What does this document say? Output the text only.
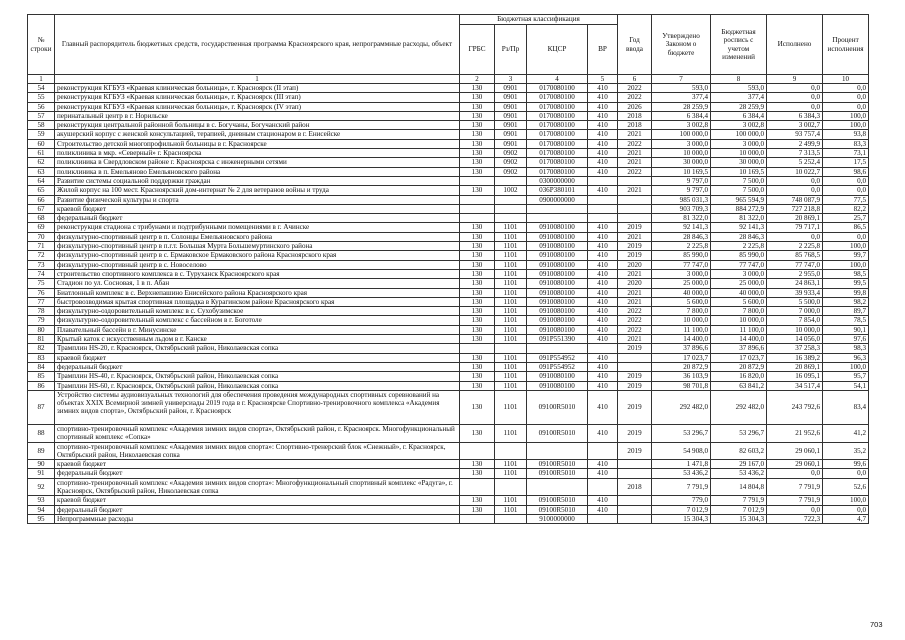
№ строки	Главный распорядитель бюджетных средств, государственная программа Красноярского края, непрограммные расходы, объект	Бюджетная классификация				Год ввода	Утверждено Законом о бюджете	Бюджетная роспись с учетом изменений	Исполнено	Процент исполнения
		ГРБС	Рз/Пр	КЦСР	ВР					
1	1	2	3	4	5	6	7	8	9	10
54	реконструкция КГБУЗ «Краевая клиническая больница», г. Красноярск (II этап)	130	0901	0170080100	410	2022	593,0	593,0	0,0	0,0
55	реконструкция КГБУЗ «Краевая клиническая больница», г. Красноярск (III этап)	130	0901	0170080100	410	2022	377,4	377,4	0,0	0,0
56	реконструкция КГБУЗ «Краевая клиническая больница», г. Красноярск (IV этап)	130	0901	0170080100	410	2026	28 259,9	28 259,9	0,0	0,0
57	перинатальный центр в г. Норильске	130	0901	0170080100	410	2018	6 384,4	6 384,4	6 384,3	100,0
58	реконструкция центральной районной больницы в с. Богучаны, Богучанский район	130	0901	0170080100	410	2018	3 002,8	3 002,8	3 002,7	100,0
59	акушерский корпус с женской консультацией, терапией, дневным стационаром в г. Енисейске	130	0901	0170080100	410	2021	100 000,0	100 000,0	93 757,4	93,8
60	Строительство детской многопрофильной больницы в г. Красноярске	130	0901	0170080100	410	2022	3 000,0	3 000,0	2 499,9	83,3
61	поликлиника в мкр. «Северный» г. Красноярска	130	0902	0170080100	410	2021	10 000,0	10 000,0	7 313,5	73,1
62	поликлиника в Свердловском районе г. Красноярска с инженерными сетями	130	0902	0170080100	410	2021	30 000,0	30 000,0	5 252,4	17,5
63	поликлиника в п. Емельяново Емельяновского района	130	0902	0170080100	410	2022	10 169,5	10 169,5	10 022,7	98,6
64	Развитие системы социальной поддержки граждан			0300000000			9 797,0	7 500,0	0,0	0,0
65	Жилой корпус на 100 мест. Красноярский дом-интернат № 2 для ветеранов войны и труда	130	1002	036P380101	410	2021	9 797,0	7 500,0	0,0	0,0
66	Развитие физической культуры и спорта			0900000000			985 031,3	965 594,9	748 087,9	77,5
67	краевой бюджет						903 709,3	884 272,9	727 218,8	82,2
68	федеральный бюджет						81 322,0	81 322,0	20 869,1	25,7
69	реконструкция стадиона с трибунами и подтрибунными помещениями в г. Ачинске	130	1101	0910080100	410	2019	92 141,3	92 141,3	79 717,1	86,5
70	физкультурно-спортивный центр в п. Солонцы Емельяновского района	130	1101	0910080100	410	2021	28 846,3	28 846,3	0,0	0,0
71	физкультурно-спортивный центр в п.г.т. Большая Мурта Большемуртинского района	130	1101	0910080100	410	2019	2 225,8	2 225,8	2 225,8	100,0
72	физкультурно-спортивный центр в с. Ермаковское Ермаковского района Красноярского края	130	1101	0910080100	410	2019	85 990,0	85 990,0	85 768,5	99,7
73	физкультурно-спортивный центр в с. Новоселово	130	1101	0910080100	410	2020	77 747,0	77 747,0	77 747,0	100,0
74	строительство спортивного комплекса в с. Туруханск Красноярского края	130	1101	0910080100	410	2021	3 000,0	3 000,0	2 955,0	98,5
75	Стадион по ул. Сосновая, 1 в п. Абан	130	1101	0910080100	410	2020	25 000,0	25 000,0	24 863,1	99,5
76	Биатлонный комплекс в с. Верхнепашино Енисейского района Красноярского края	130	1101	0910080100	410	2021	40 000,0	40 000,0	39 933,4	99,8
77	быстровозводимая крытая спортивная площадка в Курагинском районе Красноярского края	130	1101	0910080100	410	2021	5 600,0	5 600,0	5 500,0	98,2
78	физкультурно-оздоровительный комплекс в с. Сухобузимское	130	1101	0910080100	410	2022	7 800,0	7 800,0	7 000,0	89,7
79	физкультурно-оздоровительный комплекс с бассейном в г. Боготоле	130	1101	0910080100	410	2022	10 000,0	10 000,0	7 854,0	78,5
80	Плавательный бассейн в г. Минусинске	130	1101	0910080100	410	2022	11 100,0	11 100,0	10 000,0	90,1
81	Крытый каток с искусственным льдом в г. Канске	130	1101	091P551390	410	2021	14 400,0	14 400,0	14 056,0	97,6
82	Трамплин HS-20, г. Красноярск, Октябрьский район, Николаевская сопка					2019	37 896,6	37 896,6	37 258,3	98,3
83	краевой бюджет	130	1101	091P554952	410		17 023,7	17 023,7	16 389,2	96,3
84	федеральный бюджет	130	1101	091P554952	410		20 872,9	20 872,9	20 869,1	100,0
85	Трамплин HS-40, г. Красноярск, Октябрьский район, Николаевская сопка	130	1101	0910080100	410	2019	36 103,9	16 820,0	16 095,1	95,7
86	Трамплин HS-60, г. Красноярск, Октябрьский район, Николаевская сопка	130	1101	0910080100	410	2019	98 701,8	63 841,2	34 517,4	54,1
87	Устройство системы аудиовизуальных технологий для обеспечения проведения международных спортивных соревнований на объектах XXIX Всемирной зимней универсиады 2019 года в г. Красноярске Спортивно-тренировочного комплекса «Академия зимних видов спорта», Октябрьский район, г. Красноярск	130	1101	09100R5010	410	2019	292 482,0	292 482,0	243 792,6	83,4
88	спортивно-тренировочный комплекс «Академия зимних видов спорта», Октябрьский район, г. Красноярск. Многофункциональный спортивный комплекс «Сопка»	130	1101	09100R5010	410	2019	53 296,7	53 296,7	21 952,6	41,2
89	спортивно-тренировочный комплекс «Академия зимних видов спорта»: Спортивно-тренерский блок «Снежный», г. Красноярск, Октябрьский район, Николаевская сопка					2019	54 908,0	82 603,2	29 060,1	35,2
90	краевой бюджет	130	1101	09100R5010	410		1 471,8	29 167,0	29 060,1	99,6
91	федеральный бюджет	130	1101	09100R5010	410		53 436,2	53 436,2	0,0	0,0
92	спортивно-тренировочный комплекс «Академия зимних видов спорта»: Многофункциональный спортивный комплекс «Радуга», г. Красноярск, Октябрьский район, Николаевская сопка					2018	7 791,9	14 804,8	7 791,9	52,6
93	краевой бюджет	130	1101	09100R5010	410		779,0	7 791,9	7 791,9	100,0
94	федеральный бюджет	130	1101	09100R5010	410		7 012,9	7 012,9	0,0	0,0
95	Непрограммные расходы			9100000000			15 304,3	15 304,3	722,3	4,7
703
